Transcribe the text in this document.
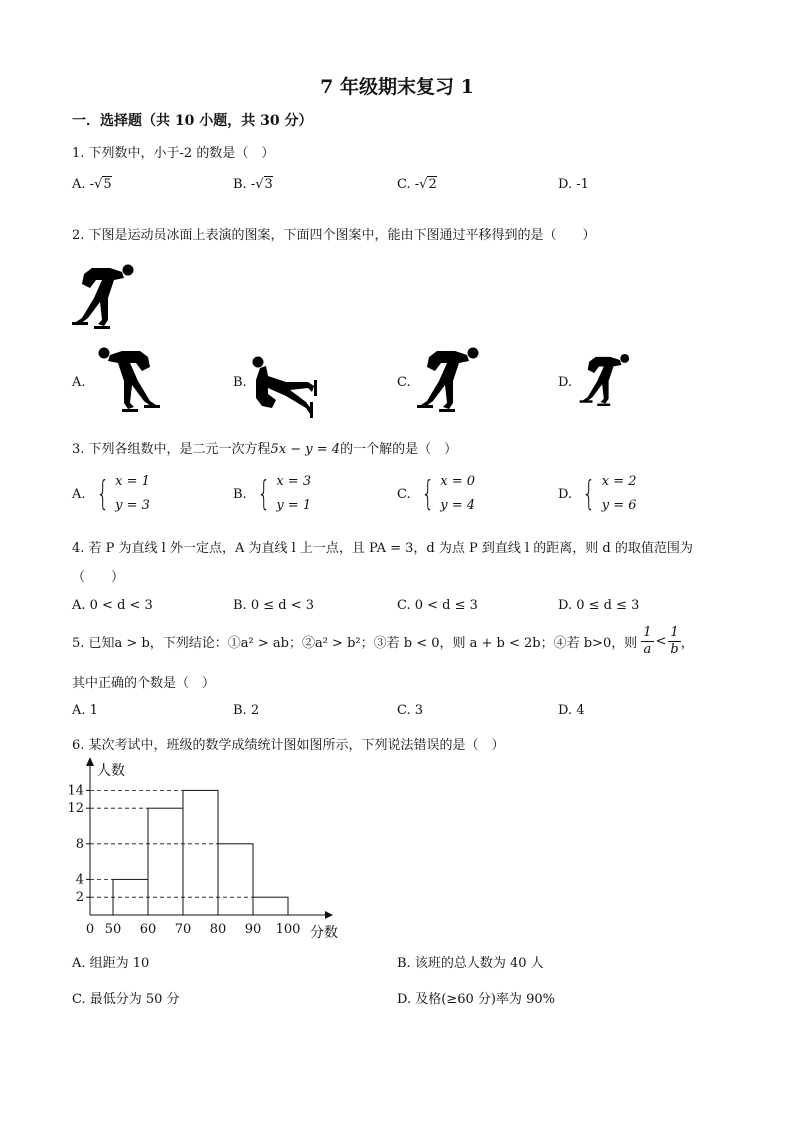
7 年级期末复习 1
一．选择题（共 10 小题，共 30 分）
1. 下列数中，小于-2 的数是（　）
A. -√5	B. -√3	C. -√2	D. -1
2. 下图是运动员冰面上表演的图案，下面四个图案中，能由下图通过平移得到的是（　　）
A.	B.	C.	D.
3. 下列各组数中，是二元一次方程5x − y = 4的一个解的是（　）
A. { x = 1
y = 3
B. { x = 3
y = 1
C. { x = 0
y = 4
D. { x = 2
y = 6
4. 若 P 为直线 l 外一定点，A 为直线 l 上一点，且 PA = 3，d 为点 P 到直线 l 的距离，则 d 的取值范围为
（　　）
A. 0 < d < 3	B. 0 ≤ d < 3	C. 0 < d ≤ 3	D. 0 ≤ d ≤ 3
5. 已知a > b，下列结论：①a² > ab；②a² > b²；③若 b < 0，则 a + b < 2b；④若 b>0，则 $\frac{1}{a} < \frac{1}{b}$ ，
其中正确的个数是（　）
A. 1	B. 2	C. 3	D. 4
6. 某次考试中，班级的数学成绩统计图如图所示，下列说法错误的是（　）
2
4
8
12
14
0 50 60 70 80 90 100
人数
分数
A. 组距为 10	B. 该班的总人数为 40 人
C. 最低分为 50 分	D. 及格(≥60 分)率为 90%
